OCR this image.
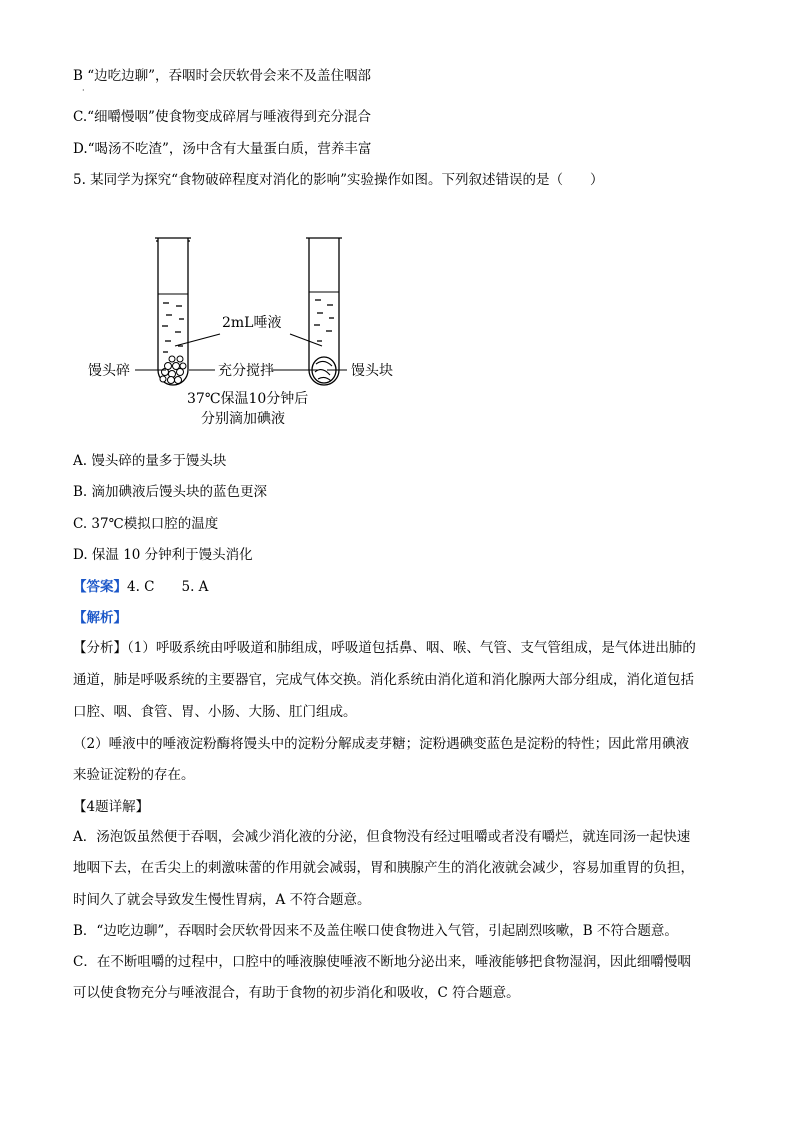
B “边吃边聊”，吞咽时会厌软骨会来不及盖住咽部
·
C.“细嚼慢咽”使食物变成碎屑与唾液得到充分混合
D.“喝汤不吃渣”，汤中含有大量蛋白质，营养丰富
5. 某同学为探究“食物破碎程度对消化的影响”实验操作如图。下列叙述错误的是（　　）
馒头碎
2mL唾液
充分搅拌	馒头块
37℃保温10分钟后
分别滴加碘液
A. 馒头碎的量多于馒头块
B. 滴加碘液后馒头块的蓝色更深
C. 37℃模拟口腔的温度
D. 保温 10 分钟利于馒头消化
【答案】4. C　　5. A
【解析】
【分析】（1）呼吸系统由呼吸道和肺组成，呼吸道包括鼻、咽、喉、气管、支气管组成，是气体进出肺的
通道，肺是呼吸系统的主要器官，完成气体交换。消化系统由消化道和消化腺两大部分组成，消化道包括
口腔、咽、食管、胃、小肠、大肠、肛门组成。
（2）唾液中的唾液淀粉酶将馒头中的淀粉分解成麦芽糖；淀粉遇碘变蓝色是淀粉的特性；因此常用碘液
来验证淀粉的存在。
【4题详解】
A．汤泡饭虽然便于吞咽，会减少消化液的分泌，但食物没有经过咀嚼或者没有嚼烂，就连同汤一起快速
地咽下去，在舌尖上的刺激味蕾的作用就会减弱，胃和胰腺产生的消化液就会减少，容易加重胃的负担，
时间久了就会导致发生慢性胃病，A 不符合题意。
B．“边吃边聊”，吞咽时会厌软骨因来不及盖住喉口使食物进入气管，引起剧烈咳嗽，B 不符合题意。
C．在不断咀嚼的过程中，口腔中的唾液腺使唾液不断地分泌出来，唾液能够把食物湿润，因此细嚼慢咽
可以使食物充分与唾液混合，有助于食物的初步消化和吸收，C 符合题意。
